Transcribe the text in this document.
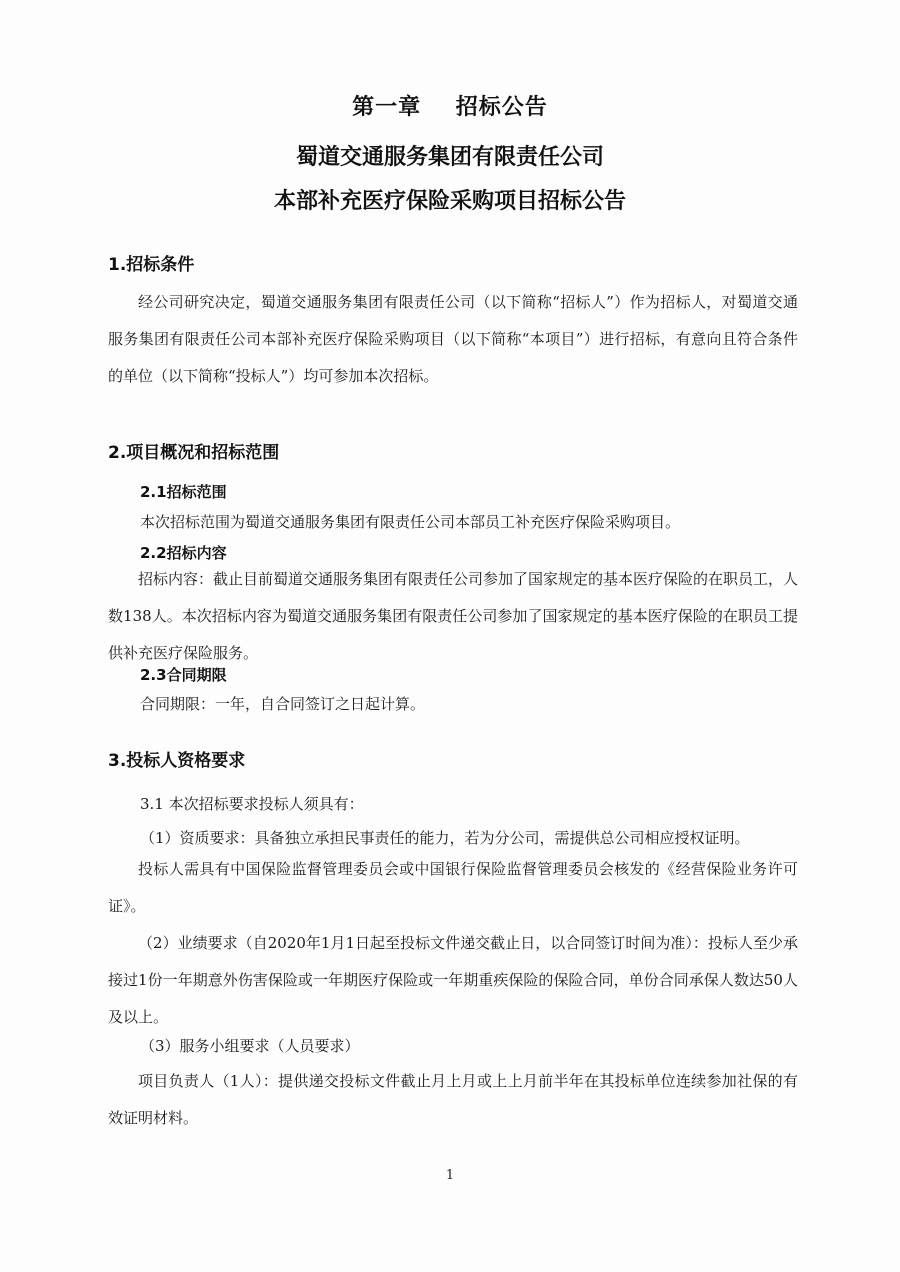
第一章    招标公告
蜀道交通服务集团有限责任公司
本部补充医疗保险采购项目招标公告
1.招标条件
经公司研究决定，蜀道交通服务集团有限责任公司（以下简称“招标人”）作为招标人，对蜀道交通服务集团有限责任公司本部补充医疗保险采购项目（以下简称“本项目”）进行招标，有意向且符合条件的单位（以下简称“投标人”）均可参加本次招标。
2.项目概况和招标范围
2.1招标范围
本次招标范围为蜀道交通服务集团有限责任公司本部员工补充医疗保险采购项目。
2.2招标内容
招标内容：截止目前蜀道交通服务集团有限责任公司参加了国家规定的基本医疗保险的在职员工，人数138人。本次招标内容为蜀道交通服务集团有限责任公司参加了国家规定的基本医疗保险的在职员工提供补充医疗保险服务。
2.3合同期限
合同期限：一年，自合同签订之日起计算。
3.投标人资格要求
3.1 本次招标要求投标人须具有：
（1）资质要求：具备独立承担民事责任的能力，若为分公司，需提供总公司相应授权证明。
投标人需具有中国保险监督管理委员会或中国银行保险监督管理委员会核发的《经营保险业务许可证》。
（2）业绩要求（自2020年1月1日起至投标文件递交截止日，以合同签订时间为准）：投标人至少承接过1份一年期意外伤害保险或一年期医疗保险或一年期重疾保险的保险合同，单份合同承保人数达50人及以上。
（3）服务小组要求（人员要求）
项目负责人（1人）：提供递交投标文件截止月上月或上上月前半年在其投标单位连续参加社保的有效证明材料。
1
